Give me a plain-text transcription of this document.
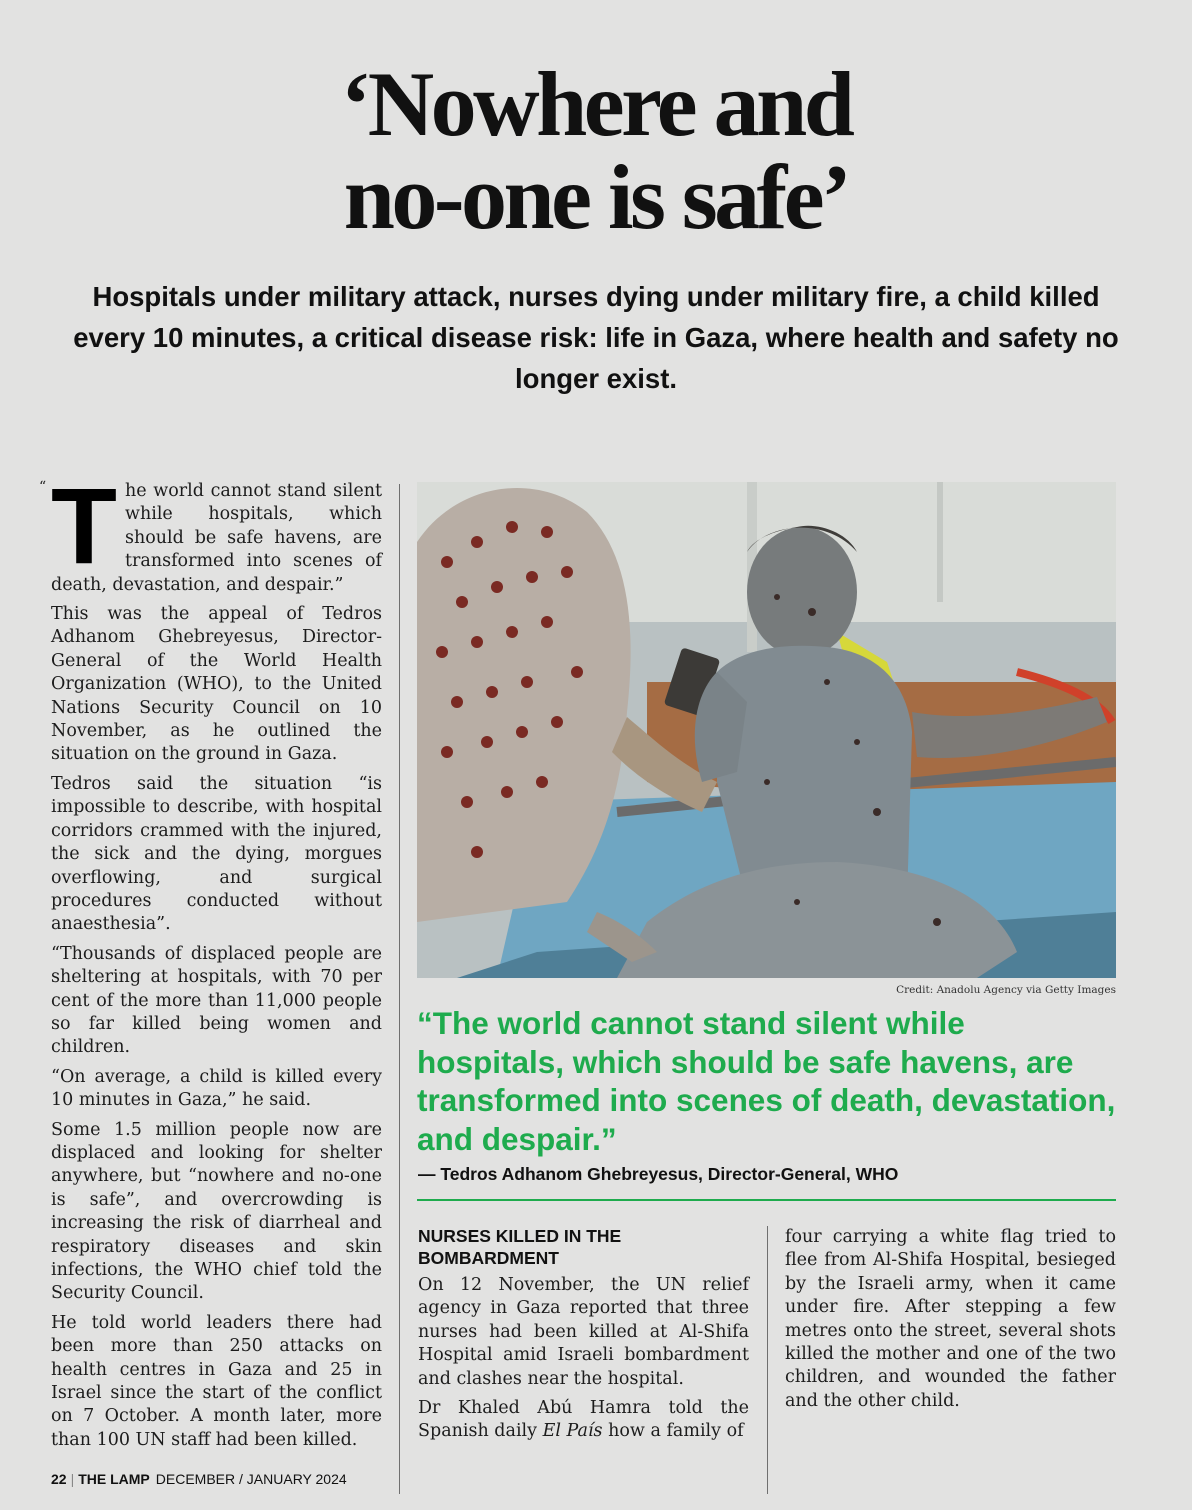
‘Nowhere and
no-one is safe’

Hospitals under military attack, nurses dying under military fire, a child killed every 10 minutes, a critical disease risk: life in Gaza, where health and safety no longer exist.

“ T he world cannot stand silent while hospitals, which should be safe havens, are transformed into scenes of death, devastation, and despair.”

This was the appeal of Tedros Adhanom Ghebreyesus, Director-General of the World Health Organization (WHO), to the United Nations Security Council on 10 November, as he outlined the situation on the ground in Gaza.

Tedros said the situation “is impossible to describe, with hospital corridors crammed with the injured, the sick and the dying, morgues overflowing, and surgical procedures conducted without anaesthesia”.

“Thousands of displaced people are sheltering at hospitals, with 70 per cent of the more than 11,000 people so far killed being women and children.

“On average, a child is killed every 10 minutes in Gaza,” he said.

Some 1.5 million people now are displaced and looking for shelter anywhere, but “nowhere and no-one is safe”, and overcrowding is increasing the risk of diarrheal and respiratory diseases and skin infections, the WHO chief told the Security Council.

He told world leaders there had been more than 250 attacks on health centres in Gaza and 25 in Israel since the start of the conflict on 7 October. A month later, more than 100 UN staff had been killed.

Credit: Anadolu Agency via Getty Images

“The world cannot stand silent while hospitals, which should be safe havens, are transformed into scenes of death, devastation, and despair.”

— Tedros Adhanom Ghebreyesus, Director-General, WHO
NURSES KILLED IN THE BOMBARDMENT

On 12 November, the UN relief agency in Gaza reported that three nurses had been killed at Al-Shifa Hospital amid Israeli bombardment and clashes near the hospital.

Dr Khaled Abú Hamra told the Spanish daily El País how a family of

four carrying a white flag tried to flee from Al-Shifa Hospital, besieged by the Israeli army, when it came under fire. After stepping a few metres onto the street, several shots killed the mother and one of the two children, and wounded the father and the other child.

22 | THE LAMP DECEMBER / JANUARY 2024
